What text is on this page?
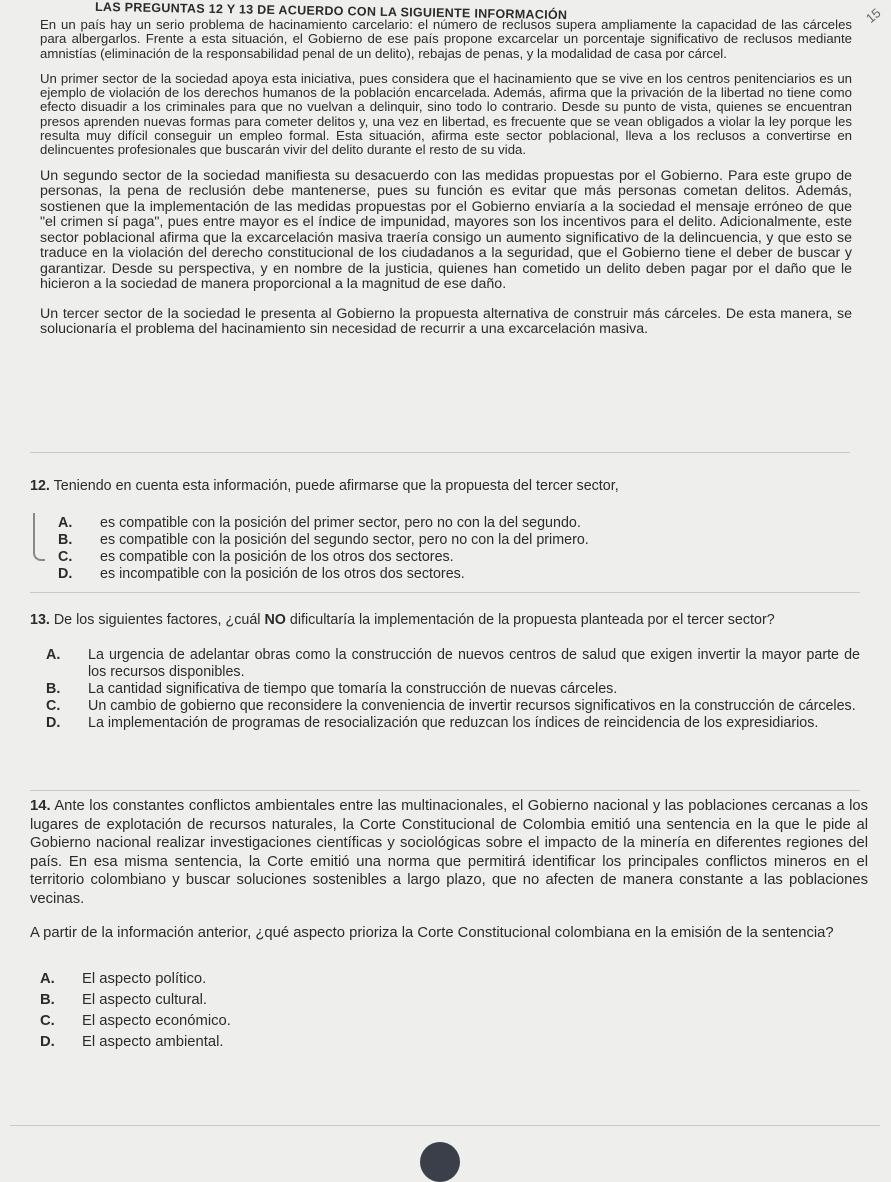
LAS PREGUNTAS 12 Y 13 DE ACUERDO CON LA SIGUIENTE INFORMACIÓN	15

En un país hay un serio problema de hacinamiento carcelario: el número de reclusos supera ampliamente la capacidad de las cárceles para albergarlos. Frente a esta situación, el Gobierno de ese país propone excarcelar un porcentaje significativo de reclusos mediante amnistías (eliminación de la responsabilidad penal de un delito), rebajas de penas, y la modalidad de casa por cárcel.

Un primer sector de la sociedad apoya esta iniciativa, pues considera que el hacinamiento que se vive en los centros penitenciarios es un ejemplo de violación de los derechos humanos de la población encarcelada. Además, afirma que la privación de la libertad no tiene como efecto disuadir a los criminales para que no vuelvan a delinquir, sino todo lo contrario. Desde su punto de vista, quienes se encuentran presos aprenden nuevas formas para cometer delitos y, una vez en libertad, es frecuente que se vean obligados a violar la ley porque les resulta muy difícil conseguir un empleo formal. Esta situación, afirma este sector poblacional, lleva a los reclusos a convertirse en delincuentes profesionales que buscarán vivir del delito durante el resto de su vida.

Un segundo sector de la sociedad manifiesta su desacuerdo con las medidas propuestas por el Gobierno. Para este grupo de personas, la pena de reclusión debe mantenerse, pues su función es evitar que más personas cometan delitos. Además, sostienen que la implementación de las medidas propuestas por el Gobierno enviaría a la sociedad el mensaje erróneo de que "el crimen sí paga", pues entre mayor es el índice de impunidad, mayores son los incentivos para el delito. Adicionalmente, este sector poblacional afirma que la excarcelación masiva traería consigo un aumento significativo de la delincuencia, y que esto se traduce en la violación del derecho constitucional de los ciudadanos a la seguridad, que el Gobierno tiene el deber de buscar y garantizar. Desde su perspectiva, y en nombre de la justicia, quienes han cometido un delito deben pagar por el daño que le hicieron a la sociedad de manera proporcional a la magnitud de ese daño.

Un tercer sector de la sociedad le presenta al Gobierno la propuesta alternativa de construir más cárceles. De esta manera, se solucionaría el problema del hacinamiento sin necesidad de recurrir a una excarcelación masiva.

12. Teniendo en cuenta esta información, puede afirmarse que la propuesta del tercer sector,

A.	es compatible con la posición del primer sector, pero no con la del segundo.
B.	es compatible con la posición del segundo sector, pero no con la del primero.
C.	es compatible con la posición de los otros dos sectores.
D.	es incompatible con la posición de los otros dos sectores.

13. De los siguientes factores, ¿cuál NO dificultaría la implementación de la propuesta planteada por el tercer sector?

A.	La urgencia de adelantar obras como la construcción de nuevos centros de salud que exigen invertir la mayor parte de los recursos disponibles.
B.	La cantidad significativa de tiempo que tomaría la construcción de nuevas cárceles.
C.	Un cambio de gobierno que reconsidere la conveniencia de invertir recursos significativos en la construcción de cárceles.
D.	La implementación de programas de resocialización que reduzcan los índices de reincidencia de los expresidiarios.

14. Ante los constantes conflictos ambientales entre las multinacionales, el Gobierno nacional y las poblaciones cercanas a los lugares de explotación de recursos naturales, la Corte Constitucional de Colombia emitió una sentencia en la que le pide al Gobierno nacional realizar investigaciones científicas y sociológicas sobre el impacto de la minería en diferentes regiones del país. En esa misma sentencia, la Corte emitió una norma que permitirá identificar los principales conflictos mineros en el territorio colombiano y buscar soluciones sostenibles a largo plazo, que no afecten de manera constante a las poblaciones vecinas.

A partir de la información anterior, ¿qué aspecto prioriza la Corte Constitucional colombiana en la emisión de la sentencia?

A.	El aspecto político.
B.	El aspecto cultural.
C.	El aspecto económico.
D.	El aspecto ambiental.
